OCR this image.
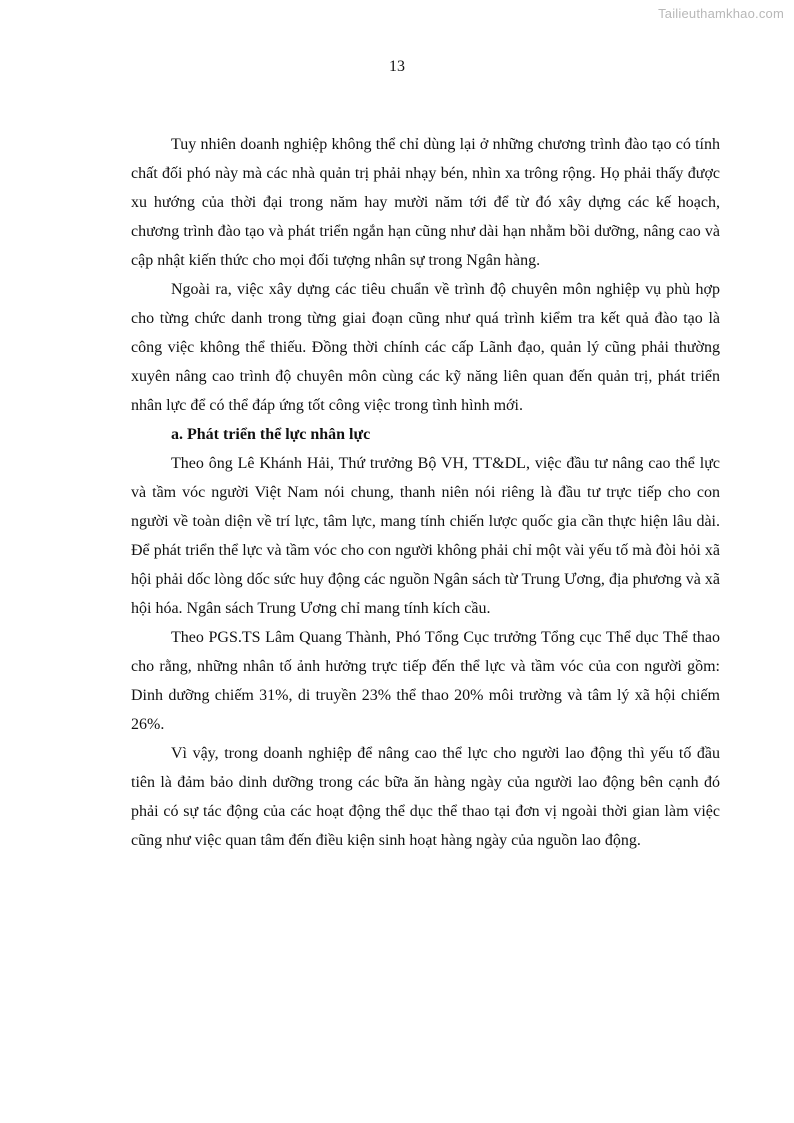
Tailieuthamkhao.com
13

Tuy nhiên doanh nghiệp không thể chỉ dùng lại ở những chương trình đào tạo có tính chất đối phó này mà các nhà quản trị phải nhạy bén, nhìn xa trông rộng. Họ phải thấy được xu hướng của thời đại trong năm hay mười năm tới để từ đó xây dựng các kế hoạch, chương trình đào tạo và phát triển ngắn hạn cũng như dài hạn nhằm bồi dưỡng, nâng cao và cập nhật kiến thức cho mọi đối tượng nhân sự trong Ngân hàng.

Ngoài ra, việc xây dựng các tiêu chuẩn về trình độ chuyên môn nghiệp vụ phù hợp cho từng chức danh trong từng giai đoạn cũng như quá trình kiểm tra kết quả đào tạo là công việc không thể thiếu. Đồng thời chính các cấp Lãnh đạo, quản lý cũng phải thường xuyên nâng cao trình độ chuyên môn cùng các kỹ năng liên quan đến quản trị, phát triển nhân lực để có thể đáp ứng tốt công việc trong tình hình mới.

a. Phát triển thể lực nhân lực

Theo ông Lê Khánh Hải, Thứ trưởng Bộ VH, TT&DL, việc đầu tư nâng cao thể lực và tầm vóc người Việt Nam nói chung, thanh niên nói riêng là đầu tư trực tiếp cho con người về toàn diện về trí lực, tâm lực, mang tính chiến lược quốc gia cần thực hiện lâu dài. Để phát triển thể lực và tầm vóc cho con người không phải chỉ một vài yếu tố mà đòi hỏi xã hội phải dốc lòng dốc sức huy động các nguồn Ngân sách từ Trung Ương, địa phương và xã hội hóa. Ngân sách Trung Ương chỉ mang tính kích cầu.

Theo PGS.TS Lâm Quang Thành, Phó Tổng Cục trưởng Tổng cục Thể dục Thể thao cho rằng, những nhân tố ảnh hưởng trực tiếp đến thể lực và tầm vóc của con người gồm: Dinh dưỡng chiếm 31%, di truyền 23% thể thao 20% môi trường và tâm lý xã hội chiếm 26%.

Vì vậy, trong doanh nghiệp để nâng cao thể lực cho người lao động thì yếu tố đầu tiên là đảm bảo dinh dưỡng trong các bữa ăn hàng ngày của người lao động bên cạnh đó phải có sự tác động của các hoạt động thể dục thể thao tại đơn vị ngoài thời gian làm việc cũng như việc quan tâm đến điều kiện sinh hoạt hàng ngày của nguồn lao động.
